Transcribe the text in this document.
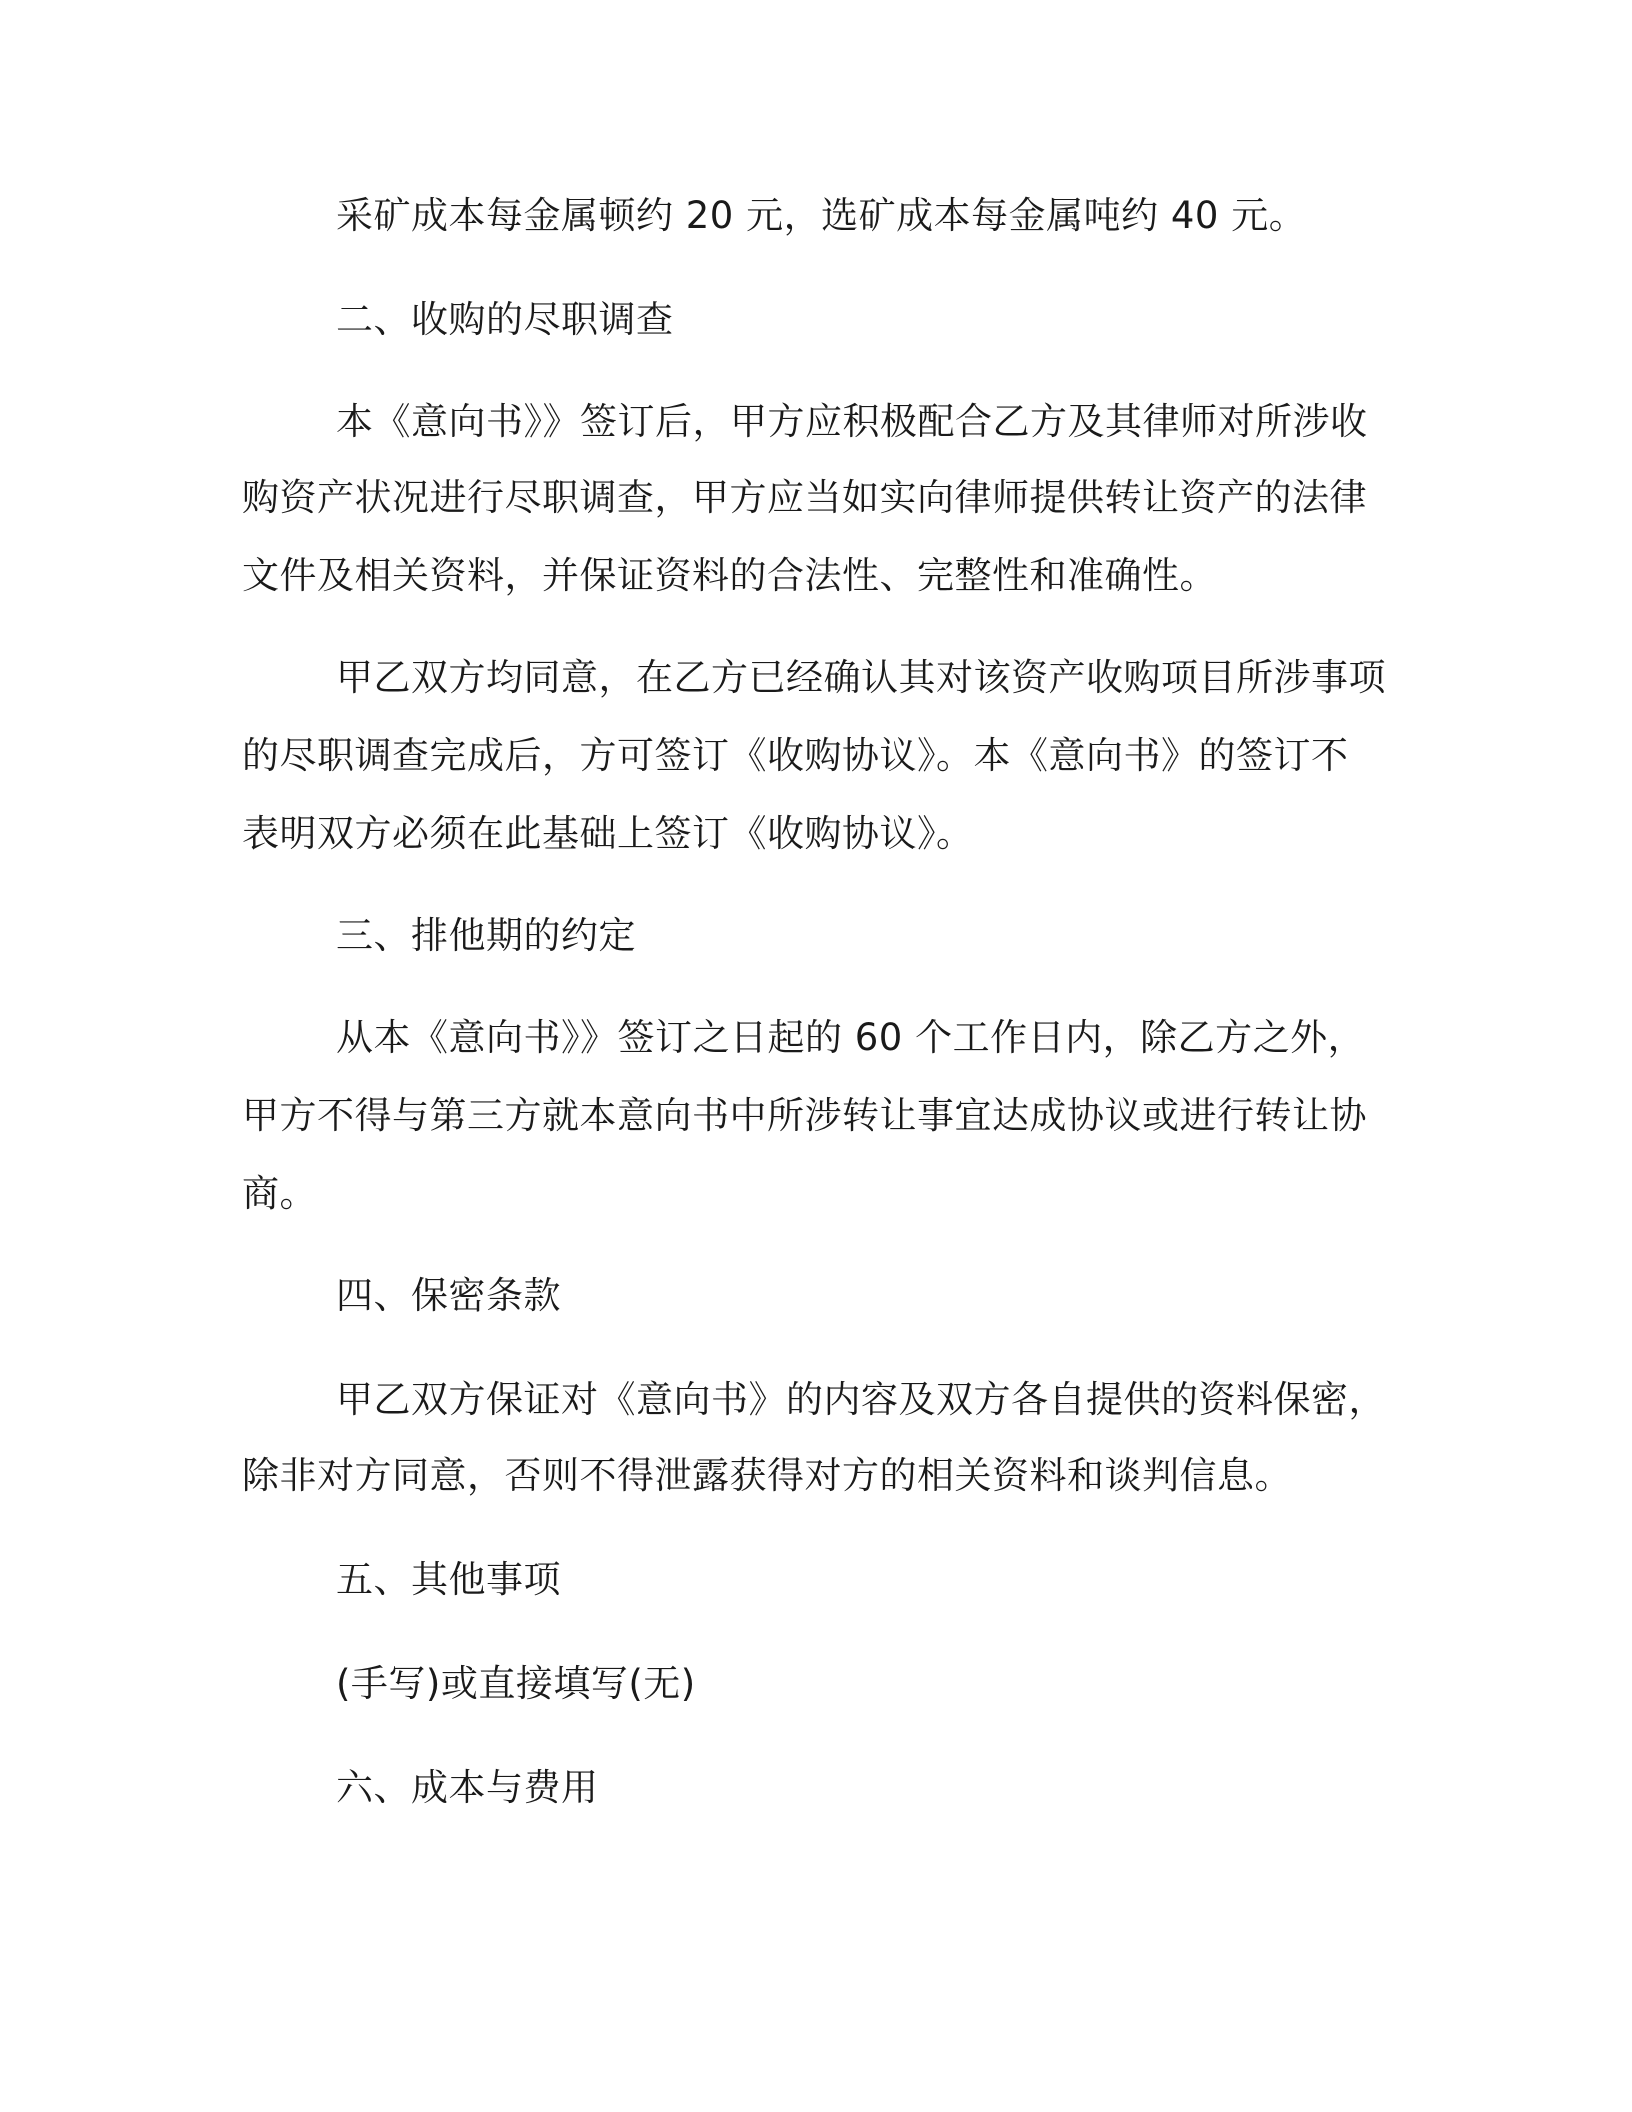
采矿成本每金属顿约 20 元，选矿成本每金属吨约 40 元。
二、收购的尽职调查
本《意向书》》签订后，甲方应积极配合乙方及其律师对所涉收
购资产状况进行尽职调查，甲方应当如实向律师提供转让资产的法律
文件及相关资料，并保证资料的合法性、完整性和准确性。
甲乙双方均同意，在乙方已经确认其对该资产收购项目所涉事项
的尽职调查完成后，方可签订《收购协议》。本《意向书》的签订不
表明双方必须在此基础上签订《收购协议》。
三、排他期的约定
从本《意向书》》签订之日起的 60 个工作日内，除乙方之外，
甲方不得与第三方就本意向书中所涉转让事宜达成协议或进行转让协
商。
四、保密条款
甲乙双方保证对《意向书》的内容及双方各自提供的资料保密，
除非对方同意，否则不得泄露获得对方的相关资料和谈判信息。
五、其他事项
(手写)或直接填写(无)
六、成本与费用
